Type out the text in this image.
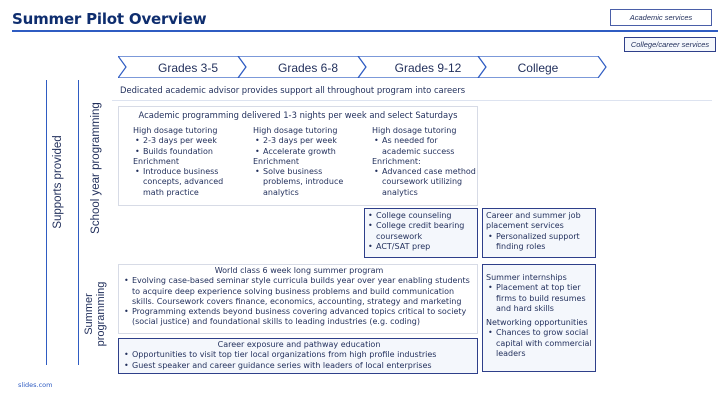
Summer Pilot Overview	Academic services
College/career services
Grades 3-5	Grades 6-8	Grades 9-12	College
Supports provided	School year programming
Summer programming
Dedicated academic advisor provides support all throughout program into careers
Academic programming delivered 1-3 nights per week and select Saturdays
High dosage tutoring
• 2-3 days per week
• Builds foundation
Enrichment
• Introduce business concepts, advanced math practice
High dosage tutoring
• 2-3 days per week
• Accelerate growth
Enrichment
• Solve business problems, introduce analytics
High dosage tutoring
• As needed for academic success
Enrichment:
• Advanced case method coursework utilizing analytics
• College counseling
• College credit bearing coursework
• ACT/SAT prep
Career and summer job placement services
• Personalized support finding roles
World class 6 week long summer program
• Evolving case-based seminar style curricula builds year over year enabling students to acquire deep experience solving business problems and build communication skills. Coursework covers finance, economics, accounting, strategy and marketing
• Programming extends beyond business covering advanced topics critical to society (social justice) and foundational skills to leading industries (e.g. coding)
Career exposure and pathway education
• Opportunities to visit top tier local organizations from high profile industries
• Guest speaker and career guidance series with leaders of local enterprises
Summer internships
• Placement at top tier firms to build resumes and hard skills
Networking opportunities
• Chances to grow social capital with commercial leaders
slides.com
